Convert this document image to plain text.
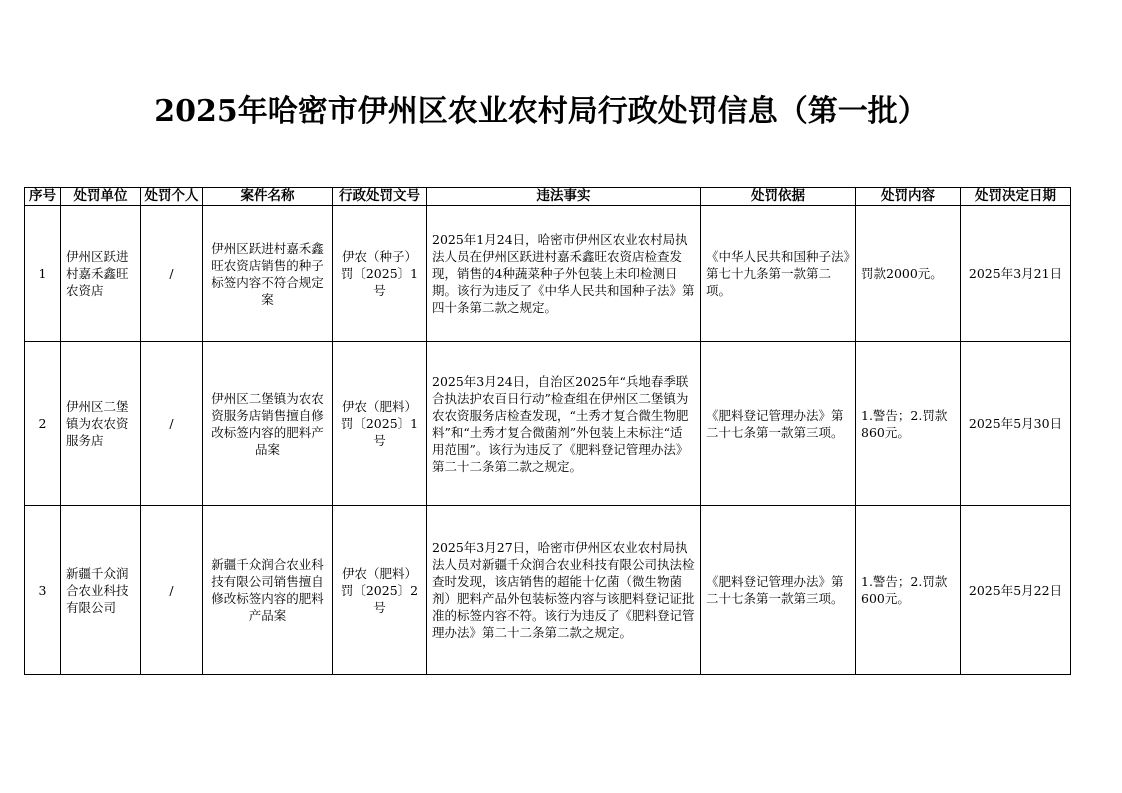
2025年哈密市伊州区农业农村局行政处罚信息（第一批）
序号	处罚单位	处罚个人	案件名称	行政处罚文号	违法事实	处罚依据	处罚内容	处罚决定日期
1	伊州区跃进村嘉禾鑫旺农资店	/	伊州区跃进村嘉禾鑫旺农资店销售的种子标签内容不符合规定案	伊农（种子）罚〔2025〕1号	2025年1月24日，哈密市伊州区农业农村局执法人员在伊州区跃进村嘉禾鑫旺农资店检查发现，销售的4种蔬菜种子外包装上未印检测日期。该行为违反了《中华人民共和国种子法》第四十条第二款之规定。	《中华人民共和国种子法》第七十九条第一款第二项。	罚款2000元。	2025年3月21日
2	伊州区二堡镇为农农资服务店	/	伊州区二堡镇为农农资服务店销售擅自修改标签内容的肥料产品案	伊农（肥料）罚〔2025〕1号	2025年3月24日，自治区2025年“兵地春季联合执法护农百日行动”检查组在伊州区二堡镇为农农资服务店检查发现，“土秀才复合微生物肥料”和“土秀才复合微菌剂”外包装上未标注“适用范围”。该行为违反了《肥料登记管理办法》第二十二条第二款之规定。	《肥料登记管理办法》第二十七条第一款第三项。	1.警告；2.罚款860元。	2025年5月30日
3	新疆千众润合农业科技有限公司	/	新疆千众润合农业科技有限公司销售擅自修改标签内容的肥料产品案	伊农（肥料）罚〔2025〕2号	2025年3月27日，哈密市伊州区农业农村局执法人员对新疆千众润合农业科技有限公司执法检查时发现，该店销售的超能十亿菌（微生物菌剂）肥料产品外包装标签内容与该肥料登记证批准的标签内容不符。该行为违反了《肥料登记管理办法》第二十二条第二款之规定。	《肥料登记管理办法》第二十七条第一款第三项。	1.警告；2.罚款600元。	2025年5月22日
